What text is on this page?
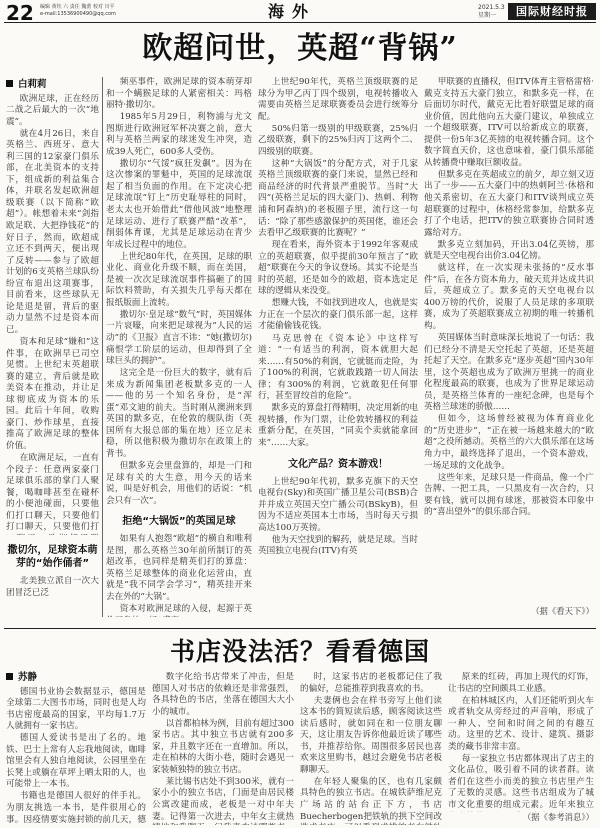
22 编辑 黄钰 六 责任 魏蕾 校对 川平
e-mail:13536900490@qq.com	海外	2021.5.3
星期一	国际财经时报
欧超问世，英超“背锅”

白莉莉

欧洲足球，正在经历二战之后最大的一次“地震”。

就在4月26日，来自英格兰、西班牙、意大利三国的12家豪门俱乐部，在北美资本的支持下，组成新的利益集合体，并联名发起欧洲超级联赛（以下简称“欧超”）。帐想着未来“剑指欧足联、大把挣钱花”的好日子，然而，欧超成立还不到两天，便出现了反转——参与了欧超计划的6支英格兰球队纷纷宣布退出这项赛事，目前看来，这些球队无论是退是留，背后的驱动力显然不过是资本而已。

资本和足球“嫌和”这件事，在欧洲早已司空见惯。上世纪末英超联赛的建立，背后就是欧美资本在推动，并让足球彻底成为资本的乐园。此后十年间，收购豪门、炒作球星，直接推高了欧洲足球的整体价值。

在欧洲足坛，一直有个段子：任意两家豪门足球俱乐部的掌门人聚餐，喝咖啡甚至在碰杯的小便池碰面，只要他们打口聊天，只要他们打口聊天，只要他们打

撒切尔，足球资本萌芽的“始作俑者”

北美独立派自一次大团冒泛已泛

频巫事件，欧洲足球的资本萌芽却和一个螨猴足球的人紧密相关：玛格丽特·撒切尔。

1985年5月29日，利物浦与尤文图斯进行欧洲冠军杯决赛之前，意大利与英格兰两家的球迷发生冲突，造成39人死亡，600多人受伤。

撒切尔“气馁”疯狂发飙”。因为在这次惨案的罪魁中，英国的足球流氓起了相当负面的作用。在下定决心把足球流氓“钉上”历史耻辱柱的同时，老太太也开始借此“借他风波”地整理足球运动、进行了联赛严酷“改革”，削弱体育课，尤其是足球运动在青少年成长过程中的地位。

上世纪80年代，在英国，足球的职业化、商业化升级不顺，而在美国，是被一次次足球流氓事件搞砸了的国际饮料赞助，有关损失几乎每天都在报纸版面上流转。

撒切尔·皇足球“数气”时，英国媒体一片哀嚎，向来把足球视为“人民的运动”的《卫报》直言不讳：“她(撒切尔)痛恨学工阶层的运动，但却得到了全球巨头的拥护”。

这完全是一份巨大的数字，就有后来成为新闻集团老板默多克的一人——他的另一个知名身份，是“浑蛋”邓文迪的前夫。当时刚从澳洲来到英国的默多克，在伦敦的舰队街（英国所有大报总部的集在地）还立足未稳，所以他积极为撒切尔在政策上的背书。

但默多克会里盘算的，却是一门和足球有关的大生意，用今天的话来说，叫是好机会，用他们的话说：“机会只有一次”。

拒绝“大锅饭”的英国足球

如果有人抱怨“欧超”的横自和唯利是图，那么英格兰30年前所制订的英超改革，也同样是精英们打的算盘：英格兰足球整体的商业化运营由，直就是“我不同学会学习”，精英挂开来去在外的“大锅”。

资本对欧洲足球的入侵，起源于英

上世纪90年代，英格兰顶级联赛的足球分为甲乙丙丁四个级别，电视转播收入需要由英格兰足球联赛委员会进行统筹分配。

50%归第一级别的甲级联赛，25%归乙级联赛，剩下的25%归丙丁这两个二、四级别的联赛。

这种“大锅饭”的分配方式，对于几家英格兰顶级联赛的豪门来说，显然已经和商品经济的时代背景严重脱节。当时“大四”(英格兰足坛的四大豪门)、热刺、利物浦和阿森纳)的老板圈子里，流行这一句话：“除了那些感激保护的英国佬，谁还会去看甲乙级联赛的比赛呢？”

现在看来，海外资本于1992年客观成立的英超联赛，似乎提前30年预言了“欧超”联赛在今天的争议登场。其实不论是当时的英超，还是如今的欧超，资本选定足球的逻辑从来没变。

想赚大钱，不如找到进攻人，也就是实力正在一个层次的豪门俱乐部一起，这样才能偷偷钱花钱。

马克思曾在《资本论》中这样写道：“一有适当的利润，资本就胆大起来……有50%的利润，它就铤而走险，为了100%的利润，它就敢践踏一切人间法律；有300%的利润，它就敢犯任何罪行，甚至冒绞首的危险”。

默多克的算盘打得精明，决定用新的电视转播，作为门票，让伦敦转播权的利益重新分配，在英国，“同卖个卖就能拿回来”……大家。

文化产品？资本游戏！

上世纪90年代初，默多克旗下的天空电视台(Sky)和英国广播卫星公司(BSB)合并并成立英国天空广播公司(BSkyB)，但因为不适应英国本土市场，当时每天亏损高达100万英镑。

他为天空找到的解药，就是足球。当时英国独立电视台(ITV)有英

甲联赛的直播权，但ITV体育主管格雷格·戴克支持五大豪门独立，和默多克一样，在后面切尔时代，戴克无比看好联盟足球的商业价值，因此他向五大豪门建议，单独成立一个超级联赛，ITV可以给新成立的联赛，提供一份5年3亿英镑的电视转播合同。这个数字简直天价，这也意味着，豪门俱乐部能从转播费中赚取巨额收益。

但默多克在英超成立的前夕，却立刻又迈出了一步——五大豪门中的热刺阿兰·休格和他关系密切，在五大豪门和ITV谈判成立英超联赛的过程中，休格经常参加，给默多克打了个电话，把ITV的独立联赛协合同时透露给对方。

默多克立刻加码，开出3.04亿英镑，那就是天空电视台出价3.04亿镑。

就这样，在一次实现未张扬的“反水事件”后，在各方资本角力，破天荒并达成共识后，英超成立了。默多克的天空电视台以400万镑的代价，说服了人员足球的多项联赛，成为了英超联赛成立初期的唯一转播机构。

英国媒体当时意味深长地说了一句话：我们已经分不清是天空托起了英超，还是英超托起了天空。在默多克“逐步英超”国内30年里，这个英超也成为了欧洲万里挑一的商业化程度最高的联赛，也成为了世界足球运动员，是英格兰体育的一座纪念碑，也是每个英格兰球迷的骄傲……

但如今，这场曾经被视为体育商业化的“历史进步”，“正在被一场越来越大的“欧超”之役所撼动。英格兰的六大俱乐部在这场角力中，最终选择了退出，一个资本游戏，一场足球的文化战争。

这些年来，足球只是一件商品，像一个广告牌、一把工具，一只黑皮有一次合约，只要有钱，就可以拥有球迷，那被资本印象中的“喜出望外”的俱乐部合同。

（据《看天下》）

书店没法活？看看德国

苏静

德国书业协会数据显示，德国是全球第二大图书市场，同时也是人均书店密度最高的国家，平均每1.7万人就拥有一家书店。

德国人爱读书是出了名的。地铁、巴士上常有人忘我地阅读，咖啡馆里会有人独自地阅读，公园里坐在长凳上或躺在草坪上晒太阳的人，也可能带上一本书。

书籍也是德国人很好的伴手礼。为朋友挑选一本书，是件很用心的事。因疫情要实施封锁的前几天，德

数字化给书店带来了冲击，但是德国人对书店的依赖还是非常强烈，各具特色的书店，坐落在德国大大小小的城市。

以首都柏林为例，目前有超过300家书店。其中独立书店就有200多家，并且数字还在一直增加。所以，走在柏林的大街小巷，随时会遇见一家装帧独特的独立书店。

莱比锡书店处不到300米，就有一家小小的独立书店，门面是由居民楼公寓改建而成，老板是一对中年夫妻。记得第一次进去，中年女主就热

时，这家书店的老板都记住了我的偏好，总能推荐到我喜欢的书。

夫妻俩也会在样书旁写上他们读这本书的简短读后感，顾客阅读这些读后感时，就如同在和一位朋友聊天，这让朋友告诉你他最近读了哪些书，并推荐给你。周围很多居民也喜欢来这里购书，越过会避免书店老板聊聊天。

在年轻人聚集的区，也有几家颇具特色的独立书店。在城铁萨维尼克广场站的站台正下方，书店Buecherbogen把铁轨的拱下空间改

原来的红砖，再加上现代的灯饰，让书店的空间颇具工业感。

在柏林城区内，人们还能听到火车或者轨交从旁经过的声音响，形成了一种人、空间和时间之间的有趣互动。这里的艺术、设计、建筑、摄影类的藏书非常丰富。

每一家独立书店都体现出了店主的文化品位，吸引着不同的读者群。读者们在这些小而美的独立书店里产生了无数的灵感。这些书店组成为了城市文化重要的组成元素。近年来独立

（据《参考消息》）
